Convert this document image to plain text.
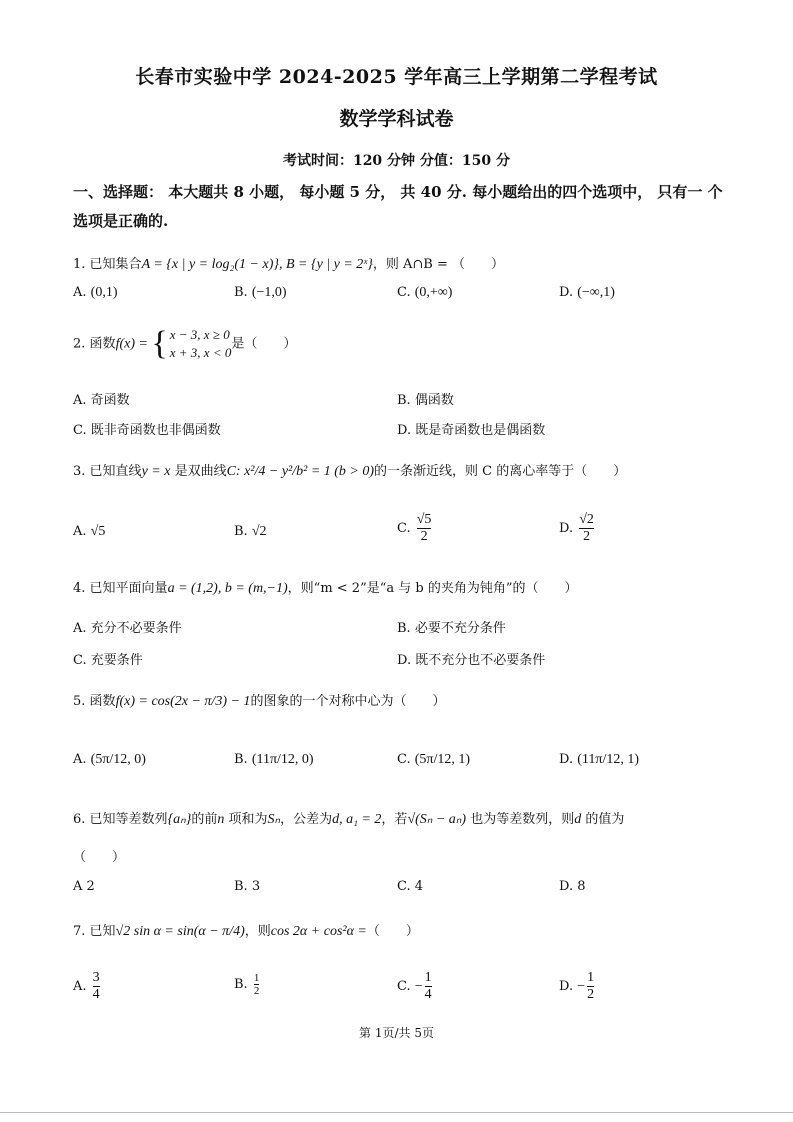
长春市实验中学 2024-2025 学年高三上学期第二学程考试
数学学科试卷
考试时间：120 分钟 分值：150 分
一、选择题： 本大题共 8 小题， 每小题 5 分， 共 40 分. 每小题给出的四个选项中， 只有一 个选项是正确的.
1. 已知集合A = {x | y = log₂(1 − x)}, B = {y | y = 2ˣ}，则 A∩B = （　　）
A. (0,1)	B. (−1,0)	C. (0,+∞)	D. (−∞,1)
2. 函数f(x) = { x − 3, x ≥ 0
x + 3, x < 0
是（　　）
A. 奇函数	B. 偶函数
C. 既非奇函数也非偶函数	D. 既是奇函数也是偶函数
3. 已知直线y = x 是双曲线C: x²/4 − y²/b² = 1 (b > 0)的一条渐近线，则 C 的离心率等于（　　）
A. √5	B. √2	C. $\frac{√5}{2}$	D. $\frac{√2}{2}$
4. 已知平面向量a = (1,2), b = (m,−1)，则“m < 2”是“a 与 b 的夹角为钝角”的（　　）
A. 充分不必要条件	B. 必要不充分条件
C. 充要条件	D. 既不充分也不必要条件
5. 函数f(x) = cos(2x − π/3) − 1的图象的一个对称中心为（　　）
A. (5π/12, 0)	B. (11π/12, 0)	C. (5π/12, 1)	D. (11π/12, 1)
6. 已知等差数列{aₙ}的前n 项和为Sₙ，公差为d, a₁ = 2，若√(Sₙ − aₙ) 也为等差数列，则d 的值为
（　　）
A 2	B. 3	C. 4	D. 8
7. 已知√2 sin α = sin(α − π/4)，则cos 2α + cos²α =（　　）
A. $\frac{3}{4}$	B. $\frac{1}{2}$	C. − $\frac{1}{4}$	D. − $\frac{1}{2}$
第 1页/共 5页
